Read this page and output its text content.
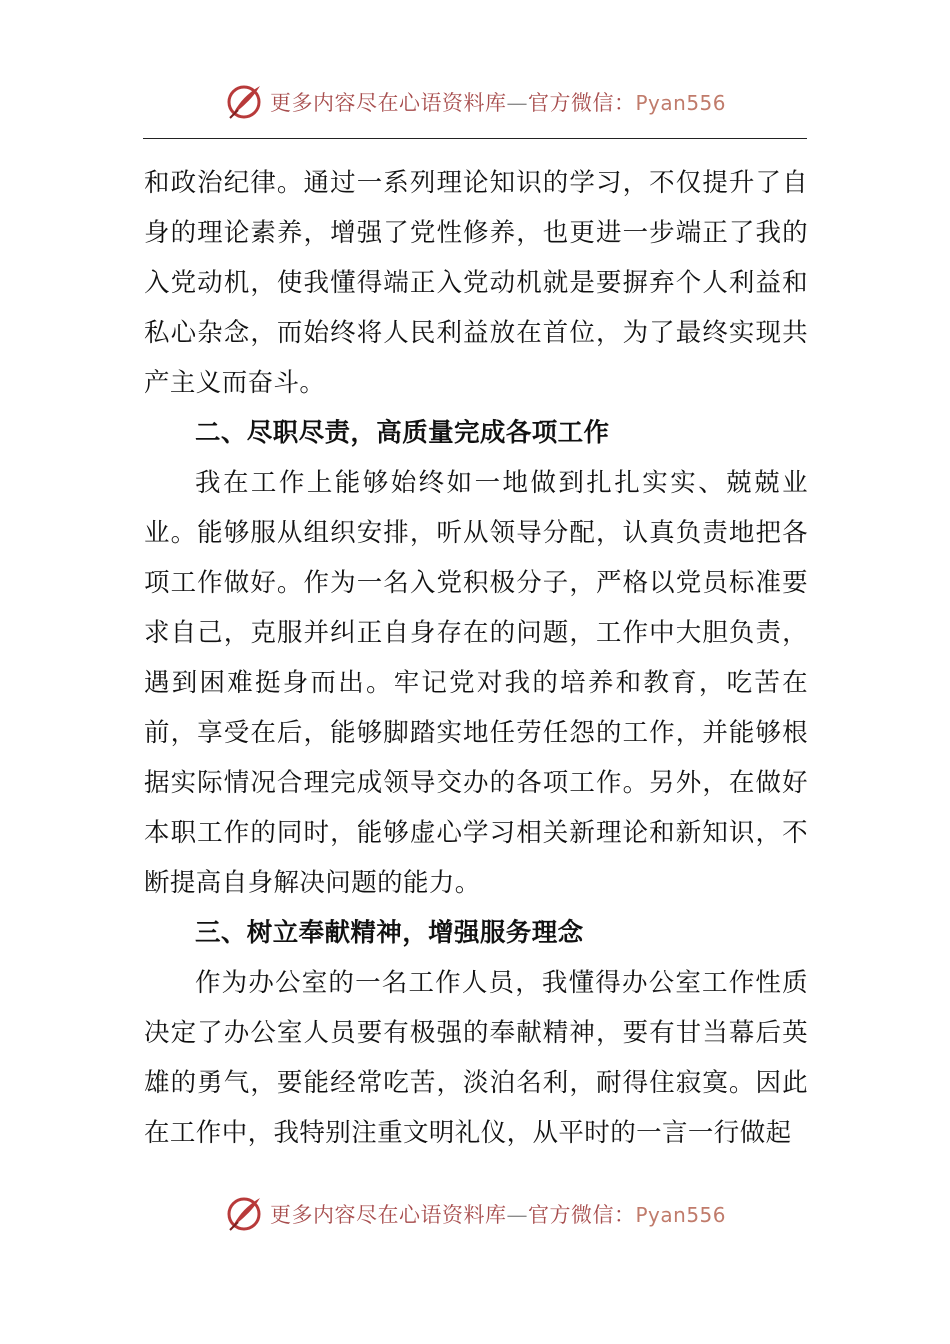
更多内容尽在心语资料库—官方微信：Pyan556

和政治纪律。通过一系列理论知识的学习，不仅提升了自身的理论素养，增强了党性修养，也更进一步端正了我的入党动机，使我懂得端正入党动机就是要摒弃个人利益和私心杂念，而始终将人民利益放在首位，为了最终实现共产主义而奋斗。

二、尽职尽责，高质量完成各项工作

我在工作上能够始终如一地做到扎扎实实、兢兢业业。能够服从组织安排，听从领导分配，认真负责地把各项工作做好。作为一名入党积极分子，严格以党员标准要求自己，克服并纠正自身存在的问题，工作中大胆负责，遇到困难挺身而出。牢记党对我的培养和教育，吃苦在前，享受在后，能够脚踏实地任劳任怨的工作，并能够根据实际情况合理完成领导交办的各项工作。另外，在做好本职工作的同时，能够虚心学习相关新理论和新知识，不断提高自身解决问题的能力。

三、树立奉献精神，增强服务理念

作为办公室的一名工作人员，我懂得办公室工作性质决定了办公室人员要有极强的奉献精神，要有甘当幕后英雄的勇气，要能经常吃苦，淡泊名利，耐得住寂寞。因此在工作中，我特别注重文明礼仪，从平时的一言一行做起

更多内容尽在心语资料库—官方微信：Pyan556
